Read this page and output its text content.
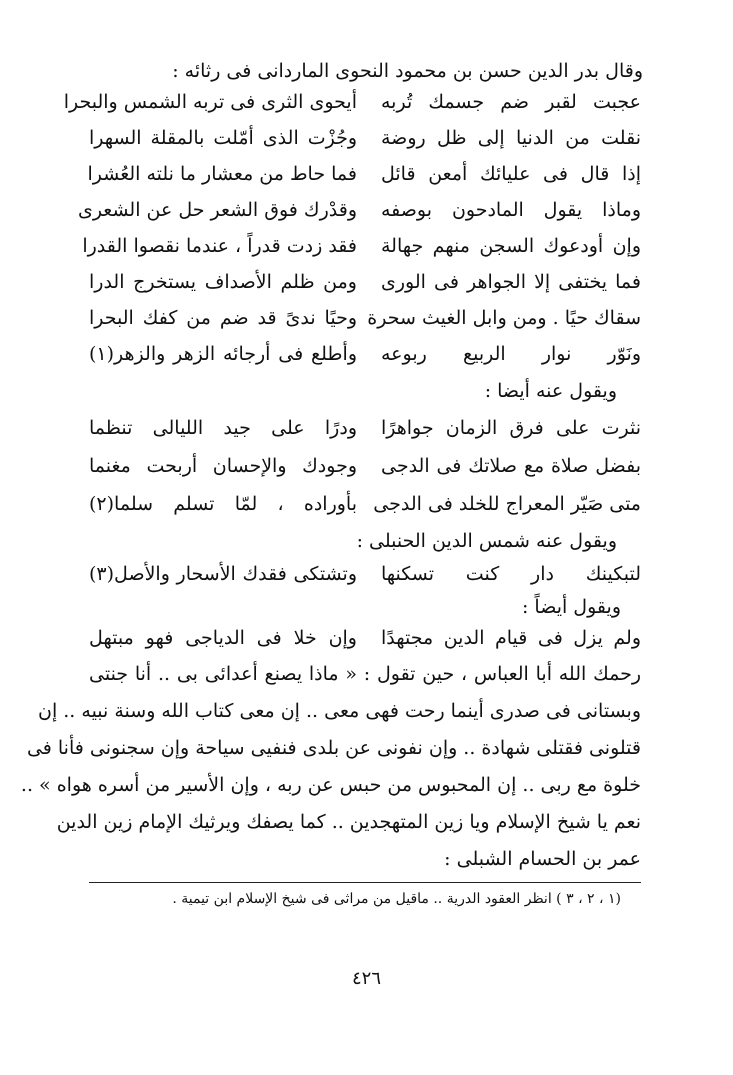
وقال بدر الدين حسن بن محمود النحوى الماردانى فى رثائه :
عجبت لقبر ضم جسمك تُربه
أيحوى الثرى فى تربه الشمس والبحرا
نقلت من الدنيا إلى ظل روضة
وجُزْت الذى أمّلت بالمقلة السهرا
إذا قال فى عليائك أمعن قائل
فما حاط من معشار ما نلته العُشرا
وماذا يقول المادحون بوصفه
وقدْرك فوق الشعر حل عن الشعرى
وإن أودعوك السجن منهم جهالة
فقد زدت قدراً ، عندما نقصوا القدرا
فما يختفى إلا الجواهر فى الورى
ومن ظلم الأصداف يستخرج الدرا
سقاك حيًا . ومن وابل الغيث سحرة
وحيًا ندىً قد ضم من كفك البحرا
ونَوّر نوار الربيع ربوعه
وأطلع فى أرجائه الزهر والزهر(١)
ويقول عنه أيضا :
نثرت على فرق الزمان جواهرًا
ودرًا على جيد الليالى تنظما
بفضل صلاة مع صلاتك فى الدجى
وجودك والإحسان أربحت مغنما
متى صَيّر المعراج للخلد فى الدجى
بأوراده ، لمّا تسلم سلما(٢)
ويقول عنه شمس الدين الحنبلى :
لتبكينك دار كنت تسكنها
وتشتكى فقدك الأسحار والأصل(٣)
ويقول أيضاً :
ولم يزل فى قيام الدين مجتهدًا
وإن خلا فى الدياجى فهو مبتهل
رحمك الله أبا العباس ، حين تقول : « ماذا يصنع أعدائى بى .. أنا جنتى
وبستانى فى صدرى أينما رحت فهى معى .. إن معى كتاب الله وسنة نبيه .. إن
قتلونى فقتلى شهادة .. وإن نفونى عن بلدى فنفيى سياحة وإن سجنونى فأنا فى
خلوة مع ربى .. إن المحبوس من حبس عن ربه ، وإن الأسير من أسره هواه » ..
نعم يا شيخ الإسلام ويا زين المتهجدين .. كما يصفك ويرثيك الإمام زين الدين
عمر بن الحسام الشبلى :
(١ ، ٢ ، ٣ ) انظر العقود الدرية .. ماقيل من مراثى فى شيخ الإسلام ابن تيمية .
٤٢٦
